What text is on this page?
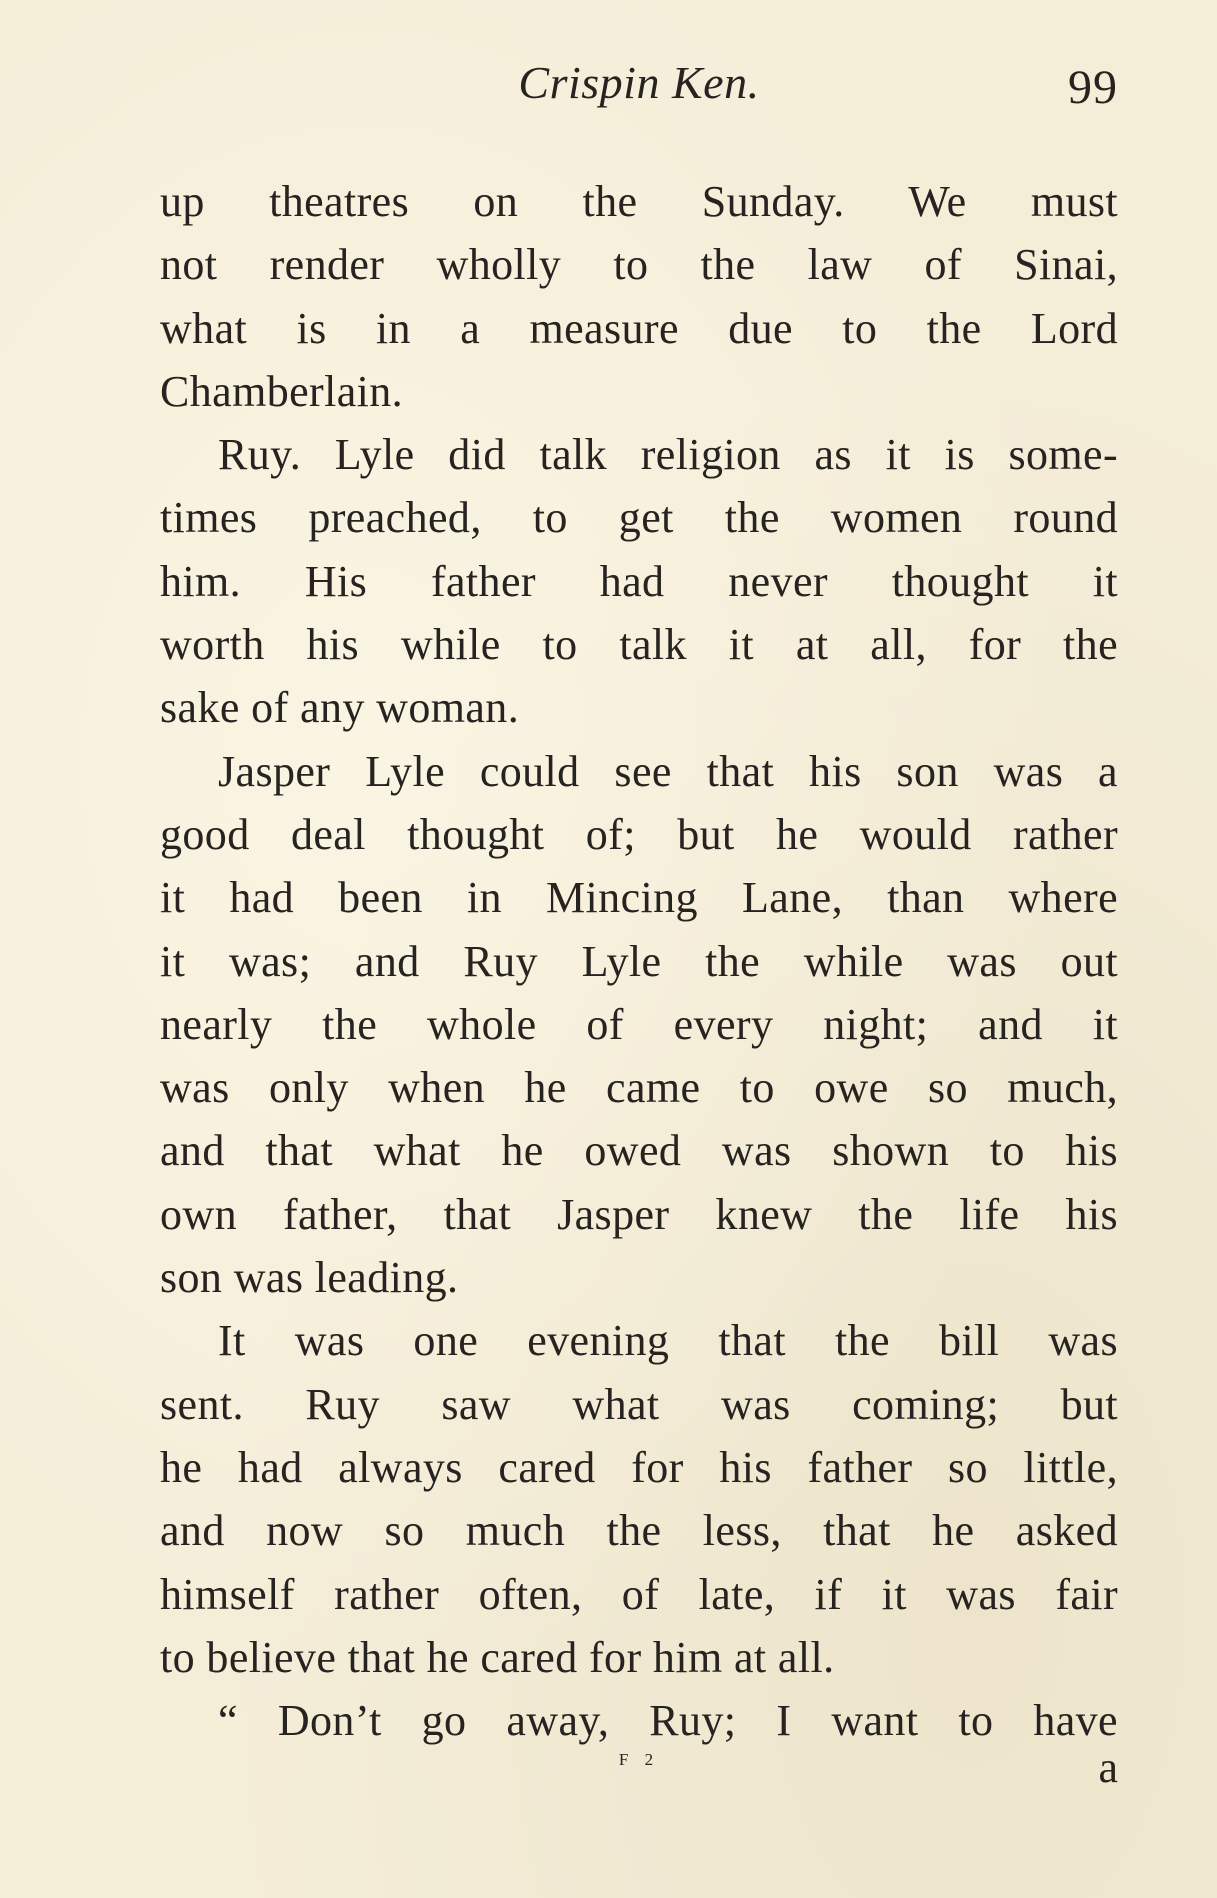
Crispin Ken.	99
up theatres on the Sunday. We must
not render wholly to the law of Sinai,
what is in a measure due to the Lord
Chamberlain.
Ruy. Lyle did talk religion as it is some-
times preached, to get the women round
him. His father had never thought it
worth his while to talk it at all, for the
sake of any woman.
Jasper Lyle could see that his son was a
good deal thought of; but he would rather
it had been in Mincing Lane, than where
it was; and Ruy Lyle the while was out
nearly the whole of every night; and it
was only when he came to owe so much,
and that what he owed was shown to his
own father, that Jasper knew the life his
son was leading.
It was one evening that the bill was
sent. Ruy saw what was coming; but
he had always cared for his father so little,
and now so much the less, that he asked
himself rather often, of late, if it was fair
to believe that he cared for him at all.
“ Don’t go away, Ruy; I want to have
F 2	a
